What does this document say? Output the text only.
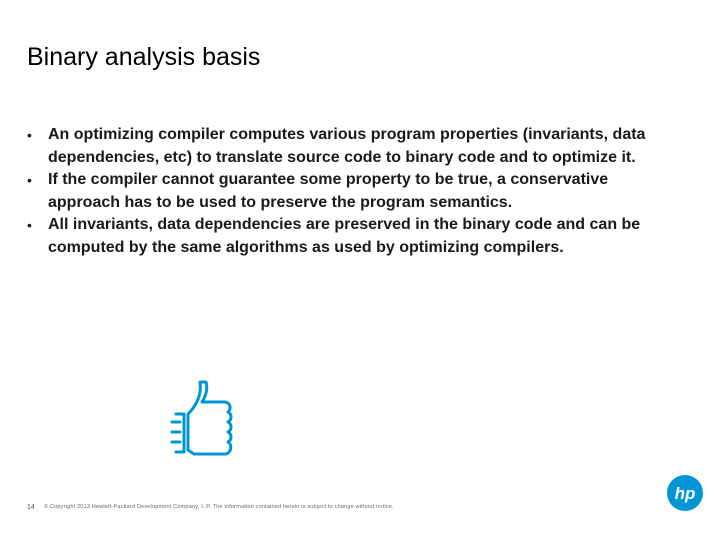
Binary analysis basis
• An optimizing compiler computes various program properties (invariants, data dependencies, etc) to translate source code to binary code and to optimize it.
• If the compiler cannot guarantee some property to be true, a conservative approach has to be used to preserve the program semantics.
• All invariants, data dependencies are preserved in the binary code and can be computed by the same algorithms as used by optimizing compilers.
14 © Copyright 2013 Hewlett-Packard Development Company, L.P. The information contained herein is subject to change without notice.
hp
